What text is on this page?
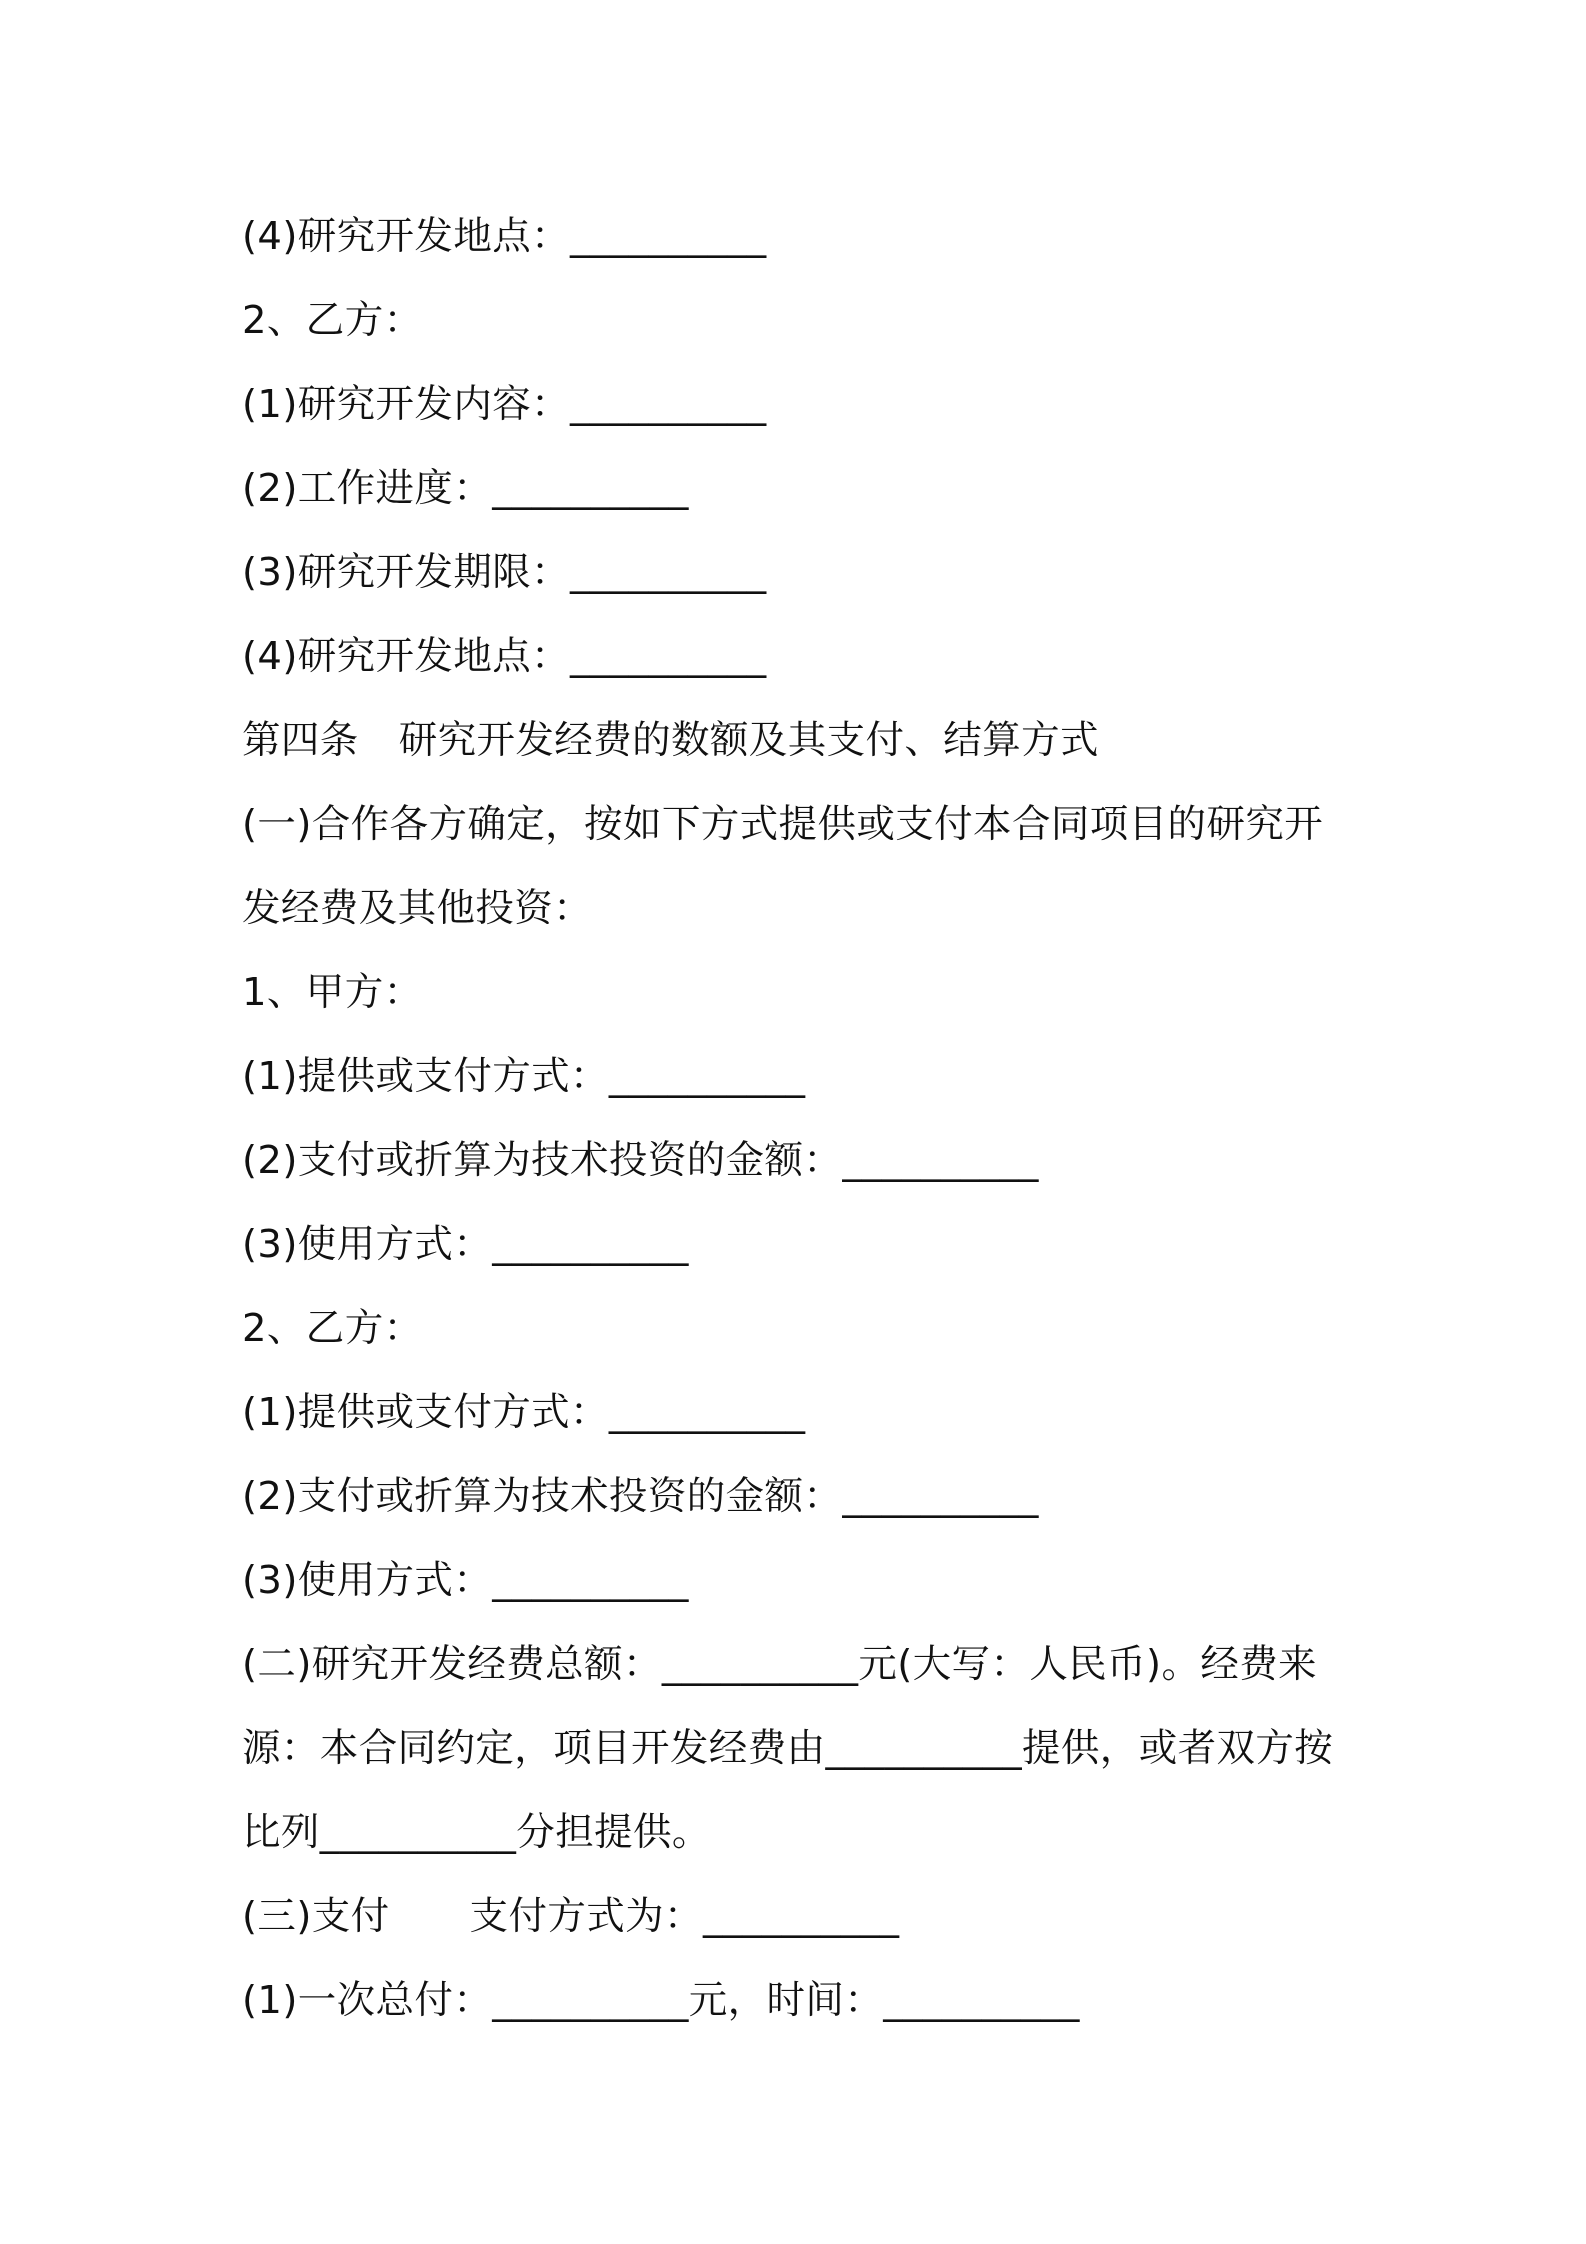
(4)研究开发地点：__________
2、乙方：
(1)研究开发内容：__________
(2)工作进度：__________
(3)研究开发期限：__________
(4)研究开发地点：__________
第四条 研究开发经费的数额及其支付、结算方式
(一)合作各方确定，按如下方式提供或支付本合同项目的研究开发经费及其他投资：
1、甲方：
(1)提供或支付方式：__________
(2)支付或折算为技术投资的金额：__________
(3)使用方式：__________
2、乙方：
(1)提供或支付方式：__________
(2)支付或折算为技术投资的金额：__________
(3)使用方式：__________
(二)研究开发经费总额：__________元(大写：人民币)。经费来源：本合同约定，项目开发经费由__________提供，或者双方按比列__________分担提供。
(三)支付 支付方式为：__________
(1)一次总付：__________元，时间：__________
